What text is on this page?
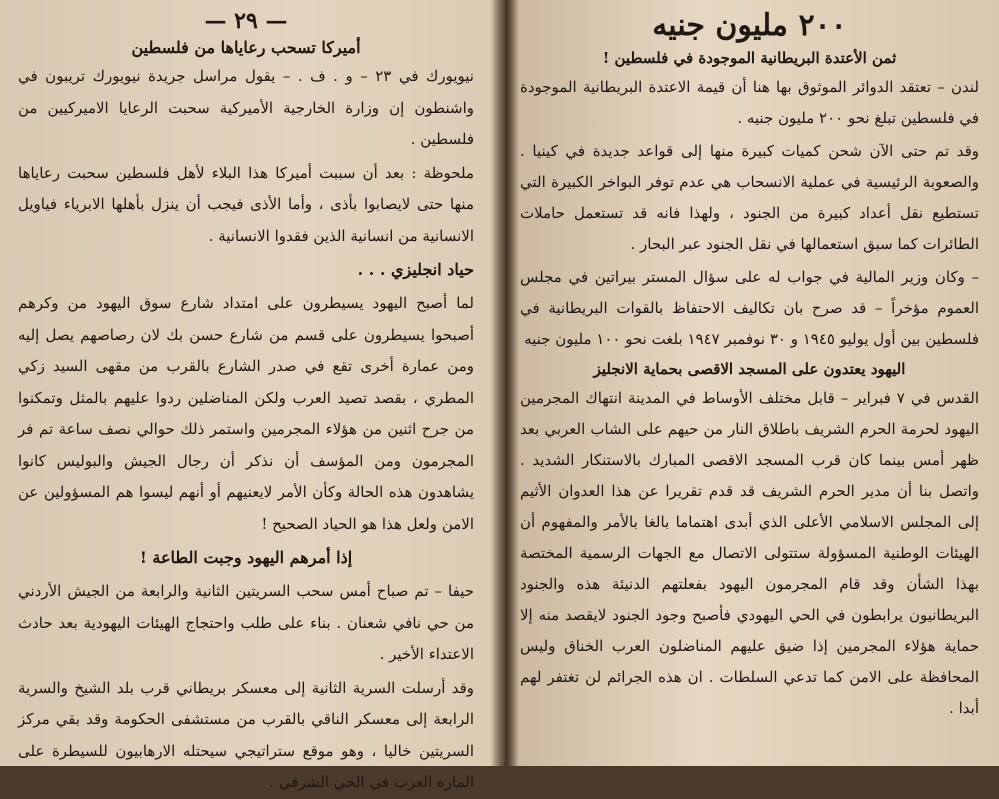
— ٢٩ —
أميركا تسحب رعاياها من فلسطين

نيويورك في ٢٣ – و . ف . – يقول مراسل جريدة نيويورك تريبون في واشنطون إن وزارة الخارجية الأميركية سحبت الرعايا الاميركيين من فلسطين .

ملحوظة : بعد أن سببت أميركا هذا البلاء لأهل فلسطين سحبت رعاياها منها حتى لايصابوا بأذى ، وأما الأذى فيجب أن ينزل بأهلها الابرياء فياويل الانسانية من انسانية الذين فقدوا الانسانية .

حياد انجليزي . . .

لما أصبح اليهود يسيطرون على امتداد شارع سوق اليهود من وكرهم أصبحوا يسيطرون على قسم من شارع حسن بك لان رصاصهم يصل إليه ومن عمارة أخرى تقع في صدر الشارع بالقرب من مقهى السيد زكي المطري ، بقصد تصيد العرب ولكن المناضلين ردوا عليهم بالمثل وتمكنوا من جرح اثنين من هؤلاء المجرمين واستمر ذلك حوالي نصف ساعة تم فر المجرمون ومن المؤسف أن نذكر أن رجال الجيش والبوليس كانوا يشاهدون هذه الحالة وكأن الأمر لايعنيهم أو أنهم ليسوا هم المسؤولين عن الامن ولعل هذا هو الحياد الصحيح !

إذا أمرهم اليهود وجبت الطاعة !

حيفا – تم صباح أمس سحب السريتين الثانية والرابعة من الجيش الأردني من حي نافي شعنان . بناء على طلب واحتجاج الهيئات اليهودية بعد حادث الاعتداء الأخير .

وقد أرسلت السرية الثانية إلى معسكر بريطاني قرب بلد الشيخ والسرية الرابعة إلى معسكر الناقي بالقرب من مستشفى الحكومة وقد بقي مركز السريتين خاليا ، وهو موقع ستراتيجي سيحتله الارهابيون للسيطرة على المارة العرب في الحي الشرقي .

٢٠٠ مليون جنيه
ثمن الأعتدة البريطانية الموجودة في فلسطين !

لندن – تعتقد الدوائر الموثوق بها هنا أن قيمة الاعتدة البريطانية الموجودة في فلسطين تبلغ نحو ٢٠٠ مليون جنيه .

وقد تم حتى الآن شحن كميات كبيرة منها إلى قواعد جديدة في كينيا . والصعوبة الرئيسية في عملية الانسحاب هي عدم توفر البواخر الكبيرة التي تستطيع نقل أعداد كبيرة من الجنود ، ولهذا فانه قد تستعمل حاملات الطائرات كما سبق استعمالها في نقل الجنود عبر البحار .

– وكان وزير المالية في جواب له على سؤال المستر بيراتين في مجلس العموم مؤخراً – قد صرح بان تكاليف الاحتفاظ بالقوات البريطانية في فلسطين بين أول يوليو ١٩٤٥ و ٣٠ نوفمبر ١٩٤٧ بلغت نحو ١٠٠ مليون جنيه

اليهود يعتدون على المسجد الاقصى بحماية الانجليز

القدس في ٧ فبراير – قابل مختلف الأوساط في المدينة انتهاك المجرمين اليهود لحرمة الحرم الشريف باطلاق النار من حيهم على الشاب العربي بعد ظهر أمس بينما كان قرب المسجد الاقصى المبارك بالاستنكار الشديد . واتصل بنا أن مدير الحرم الشريف قد قدم تقريرا عن هذا العدوان الأثيم إلى المجلس الاسلامي الأعلى الذي أبدى اهتماما بالغا بالأمر والمفهوم أن الهيئات الوطنية المسؤولة ستتولى الاتصال مع الجهات الرسمية المختصة بهذا الشأن وقد قام المجرمون اليهود بفعلتهم الدنيئة هذه والجنود البريطانيون يرابطون في الحي اليهودي فأصبح وجود الجنود لايقصد منه إلا حماية هؤلاء المجرمين إذا ضيق عليهم المناضلون العرب الخناق وليس المحافظة على الامن كما تدعي السلطات . ان هذه الجرائم لن تغتفر لهم أبدا .
